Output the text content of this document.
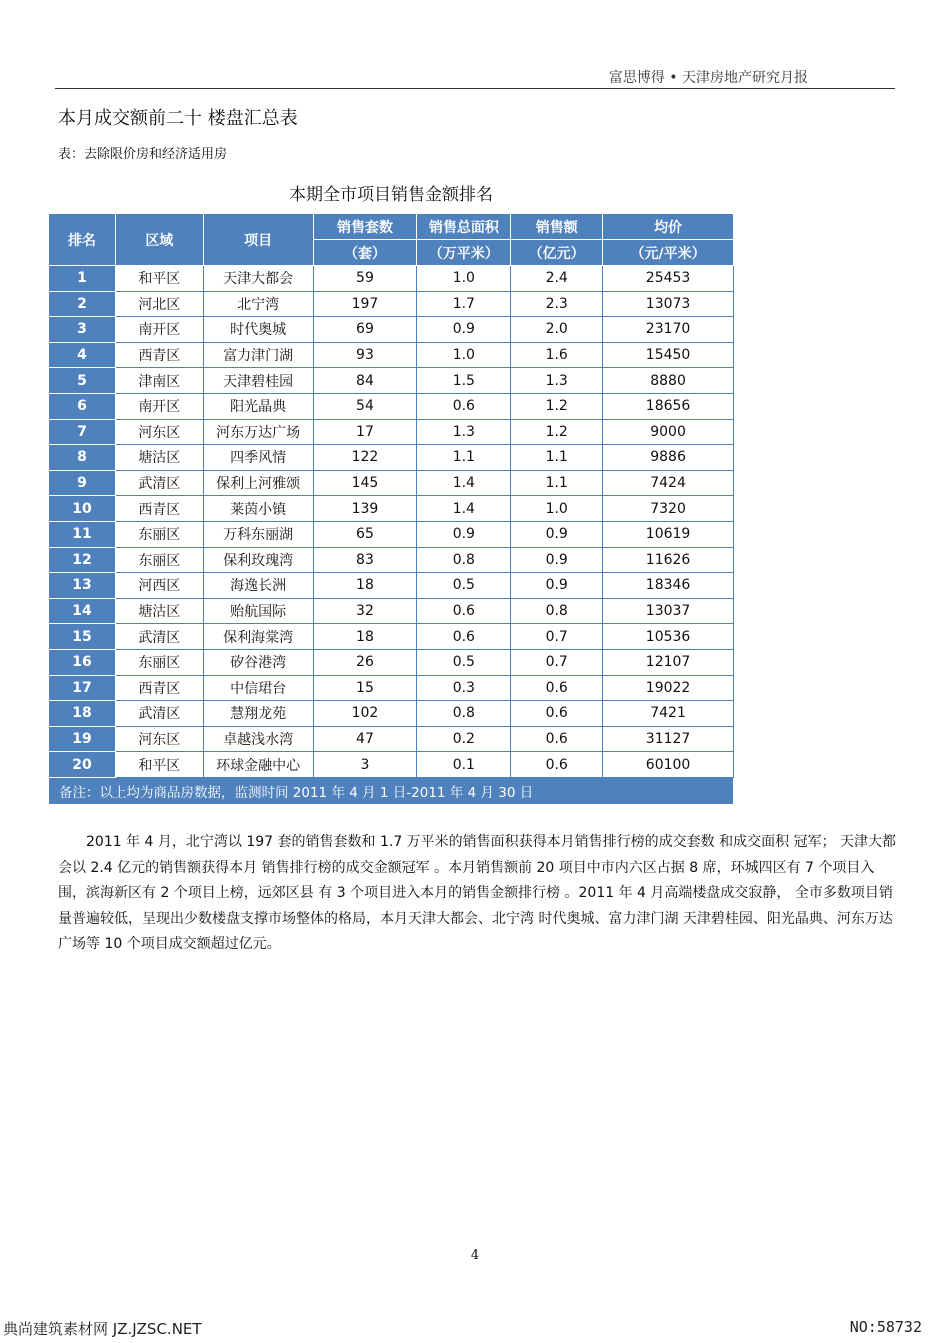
富思博得 • 天津房地产研究月报
本月成交额前二十 楼盘汇总表
表：去除限价房和经济适用房
本期全市项目销售金额排名
排名	区域	项目	销售套数	销售总面积	销售额	均价
			（套）	（万平米）	（亿元）	（元/平米）
1	和平区	天津大都会	59	1.0	2.4	25453
2	河北区	北宁湾	197	1.7	2.3	13073
3	南开区	时代奥城	69	0.9	2.0	23170
4	西青区	富力津门湖	93	1.0	1.6	15450
5	津南区	天津碧桂园	84	1.5	1.3	8880
6	南开区	阳光晶典	54	0.6	1.2	18656
7	河东区	河东万达广场	17	1.3	1.2	9000
8	塘沽区	四季风情	122	1.1	1.1	9886
9	武清区	保利上河雅颂	145	1.4	1.1	7424
10	西青区	莱茵小镇	139	1.4	1.0	7320
11	东丽区	万科东丽湖	65	0.9	0.9	10619
12	东丽区	保利玫瑰湾	83	0.8	0.9	11626
13	河西区	海逸长洲	18	0.5	0.9	18346
14	塘沽区	贻航国际	32	0.6	0.8	13037
15	武清区	保利海棠湾	18	0.6	0.7	10536
16	东丽区	矽谷港湾	26	0.5	0.7	12107
17	西青区	中信珺台	15	0.3	0.6	19022
18	武清区	慧翔龙苑	102	0.8	0.6	7421
19	河东区	卓越浅水湾	47	0.2	0.6	31127
20	和平区	环球金融中心	3	0.1	0.6	60100
备注：以上均为商品房数据，监测时间 2011 年 4 月 1 日-2011 年 4 月 30 日						

2011 年 4 月，北宁湾以 197 套的销售套数和 1.7 万平米的销售面积获得本月销售排行榜的成交套数 和成交面积 冠军； 天津大都会以 2.4 亿元的销售额获得本月 销售排行榜的成交金额冠军 。本月销售额前 20 项目中市内六区占据 8 席，环城四区有 7 个项目入围，滨海新区有 2 个项目上榜，远郊区县 有 3 个项目进入本月的销售金额排行榜 。2011 年 4 月高端楼盘成交寂静， 全市多数项目销量普遍较低，呈现出少数楼盘支撑市场整体的格局，本月天津大都会、北宁湾 时代奥城、富力津门湖 天津碧桂园、阳光晶典、河东万达广场等 10 个项目成交额超过亿元。

4
典尚建筑素材网 JZ.JZSC.NET	NO:58732
